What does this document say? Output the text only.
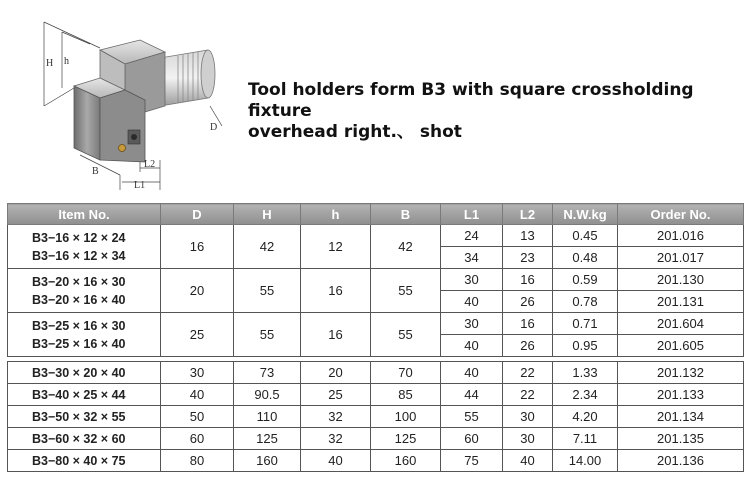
H h
D
B
L1
L2
Tool holders form B3 with square crossholding fixture
overhead right.、 shot
Item No.	D	H	h	B	L1	L2	N.W.kg	Order No.

B3−16 × 12 × 24
B3−16 × 12 × 34	16	42	12	42	24	13	0.45	201.016
					34	23	0.48	201.017

B3−20 × 16 × 30
B3−20 × 16 × 40	20	55	16	55	30	16	0.59	201.130
					40	26	0.78	201.131

B3−25 × 16 × 30
B3−25 × 16 × 40	25	55	16	55	30	16	0.71	201.604
					40	26	0.95	201.605

B3−30 × 20 × 40	30	73	20	70	40	22	1.33	201.132

B3−40 × 25 × 44	40	90.5	25	85	44	22	2.34	201.133

B3−50 × 32 × 55	50	110	32	100	55	30	4.20	201.134

B3−60 × 32 × 60	60	125	32	125	60	30	7.11	201.135

B3−80 × 40 × 75	80	160	40	160	75	40	14.00	201.136
